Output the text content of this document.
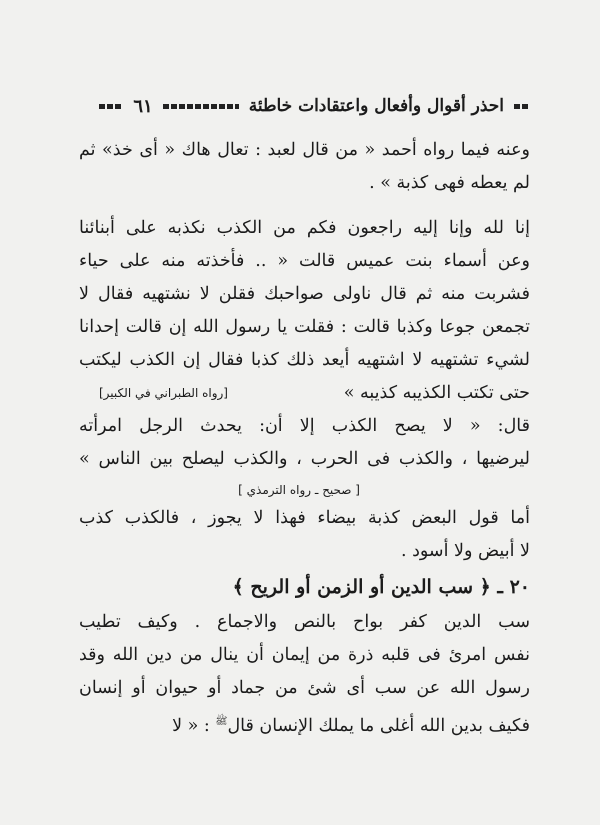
احذر أقوال وأفعال واعتقادات خاطئة
٦١
وعنه فيما رواه أحمد « من قال لعبد : تعال هاك « أى خذ» ثم
لم يعطه فهى كذبة » .
إنا لله وإنا إليه راجعون فكم من الكذب نكذبه على أبنائنا
وعن أسماء بنت عميس قالت « .. فأخذته منه على حياء
فشربت منه ثم قال ناولى صواحبك فقلن لا نشتهيه فقال لا
تجمعن جوعا وكذبا قالت : فقلت يا رسول الله إن قالت إحدانا
لشيء تشتهيه لا اشتهيه أيعد ذلك كذبا فقال إن الكذب ليكتب
حتى تكتب الكذيبه كذيبه »
[رواه الطبراني في الكبير]
قال: « لا يصح الكذب إلا أن: يحدث الرجل امرأته
ليرضيها ، والكذب فى الحرب ، والكذب ليصلح بين الناس »
[ صحيح ـ رواه الترمذي ]
أما قول البعض كذبة بيضاء فهذا لا يجوز ، فالكذب كذب
لا أبيض ولا أسود .
٢٠ ـ ﴿ سب الدين أو الزمن أو الريح ﴾
سب الدين كفر بواح بالنص والاجماع . وكيف تطيب
نفس امرئ فى قلبه ذرة من إيمان أن ينال من دين الله وقد
رسول الله عن سب أى شئ من جماد أو حيوان أو إنسان
فكيف بدين الله أغلى ما يملك الإنسان قال$^ﷺ$ : « لا
